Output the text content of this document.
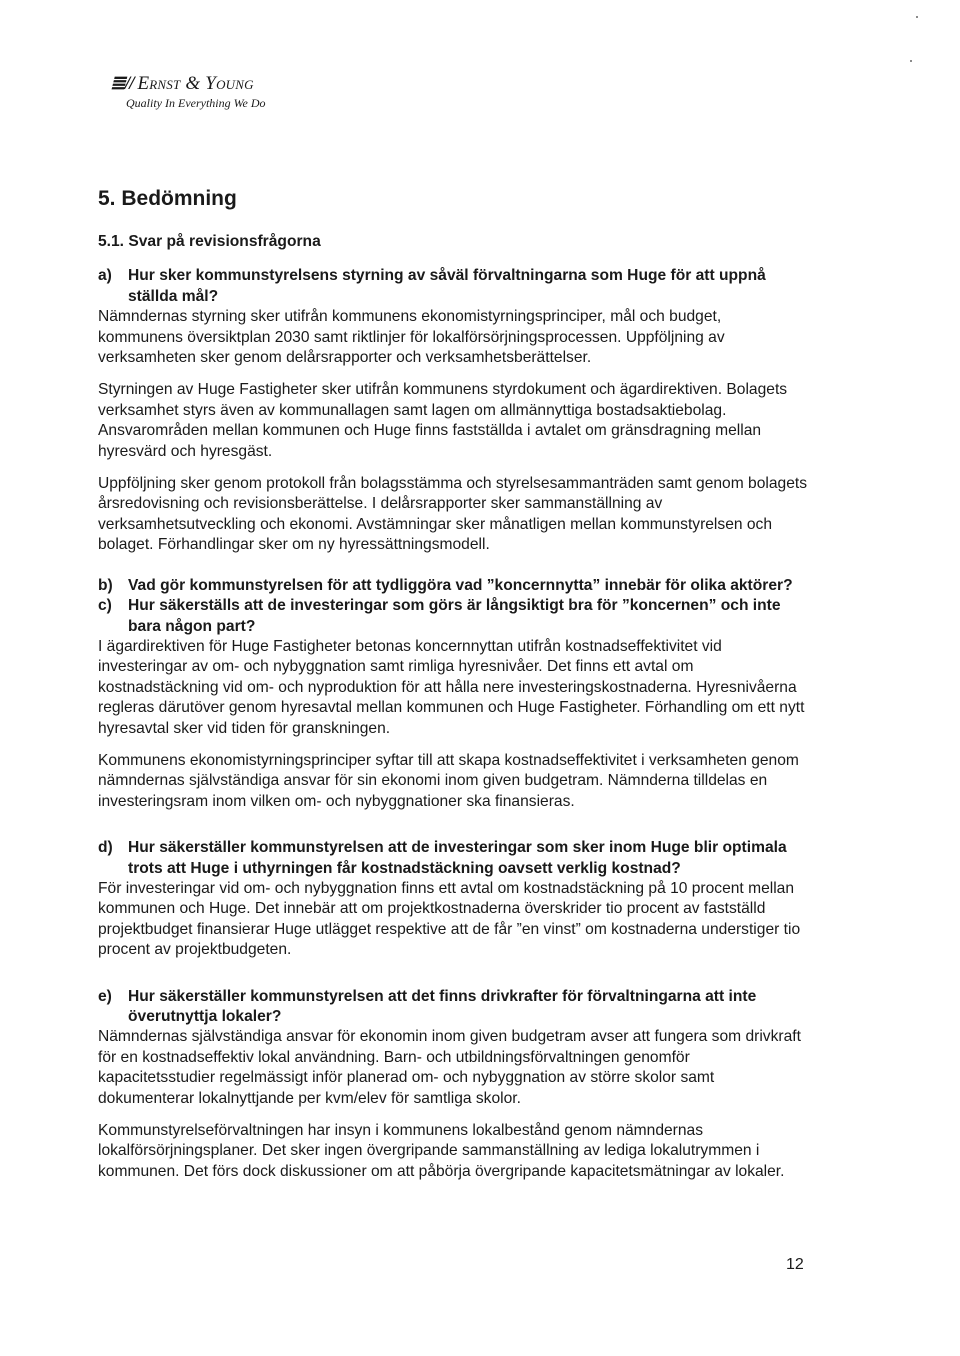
≣// Ernst & Young
Quality In Everything We Do
5. Bedömning
5.1. Svar på revisionsfrågorna
a)	Hur sker kommunstyrelsens styrning av såväl förvaltningarna som Huge för att uppnå ställda mål?

Nämndernas styrning sker utifrån kommunens ekonomistyrningsprinciper, mål och budget, kommunens översiktplan 2030 samt riktlinjer för lokalförsörjningsprocessen. Uppföljning av verksamheten sker genom delårsrapporter och verksamhetsberättelser.

Styrningen av Huge Fastigheter sker utifrån kommunens styrdokument och ägardirektiven. Bolagets verksamhet styrs även av kommunallagen samt lagen om allmännyttiga bostadsaktiebolag. Ansvarområden mellan kommunen och Huge finns fastställda i avtalet om gränsdragning mellan hyresvärd och hyresgäst.

Uppföljning sker genom protokoll från bolagsstämma och styrelsesammanträden samt genom bolagets årsredovisning och revisionsberättelse. I delårsrapporter sker sammanställning av verksamhetsutveckling och ekonomi. Avstämningar sker månatligen mellan kommunstyrelsen och bolaget. Förhandlingar sker om ny hyressättningsmodell.

b) Vad gör kommunstyrelsen för att tydliggöra vad ”koncernnytta” innebär för olika aktörer?
c)	Hur säkerställs att de investeringar som görs är långsiktigt bra för ”koncernen” och inte bara någon part?

I ägardirektiven för Huge Fastigheter betonas koncernnyttan utifrån kostnadseffektivitet vid investeringar av om- och nybyggnation samt rimliga hyresnivåer. Det finns ett avtal om kostnadstäckning vid om- och nyproduktion för att hålla nere investeringskostnaderna. Hyresnivåerna regleras därutöver genom hyresavtal mellan kommunen och Huge Fastigheter. Förhandling om ett nytt hyresavtal sker vid tiden för granskningen.

Kommunens ekonomistyrningsprinciper syftar till att skapa kostnadseffektivitet i verksamheten genom nämndernas självständiga ansvar för sin ekonomi inom given budgetram. Nämnderna tilldelas en investeringsram inom vilken om- och nybyggnationer ska finansieras.

d) Hur säkerställer kommunstyrelsen att de investeringar som sker inom Huge blir optimala trots att Huge i uthyrningen får kostnadstäckning oavsett verklig kostnad?

För investeringar vid om- och nybyggnation finns ett avtal om kostnadstäckning på 10 procent mellan kommunen och Huge. Det innebär att om projektkostnaderna överskrider tio procent av fastställd projektbudget finansierar Huge utlägget respektive att de får ”en vinst” om kostnaderna understiger tio procent av projektbudgeten.

e)	Hur säkerställer kommunstyrelsen att det finns drivkrafter för förvaltningarna att inte överutnyttja lokaler?

Nämndernas självständiga ansvar för ekonomin inom given budgetram avser att fungera som drivkraft för en kostnadseffektiv lokal användning. Barn- och utbildningsförvaltningen genomför kapacitetsstudier regelmässigt inför planerad om- och nybyggnation av större skolor samt dokumenterar lokalnyttjande per kvm/elev för samtliga skolor.

Kommunstyrelseförvaltningen har insyn i kommunens lokalbestånd genom nämndernas lokalförsörjningsplaner. Det sker ingen övergripande sammanställning av lediga lokalutrymmen i kommunen. Det förs dock diskussioner om att påbörja övergripande kapacitetsmätningar av lokaler.

12
